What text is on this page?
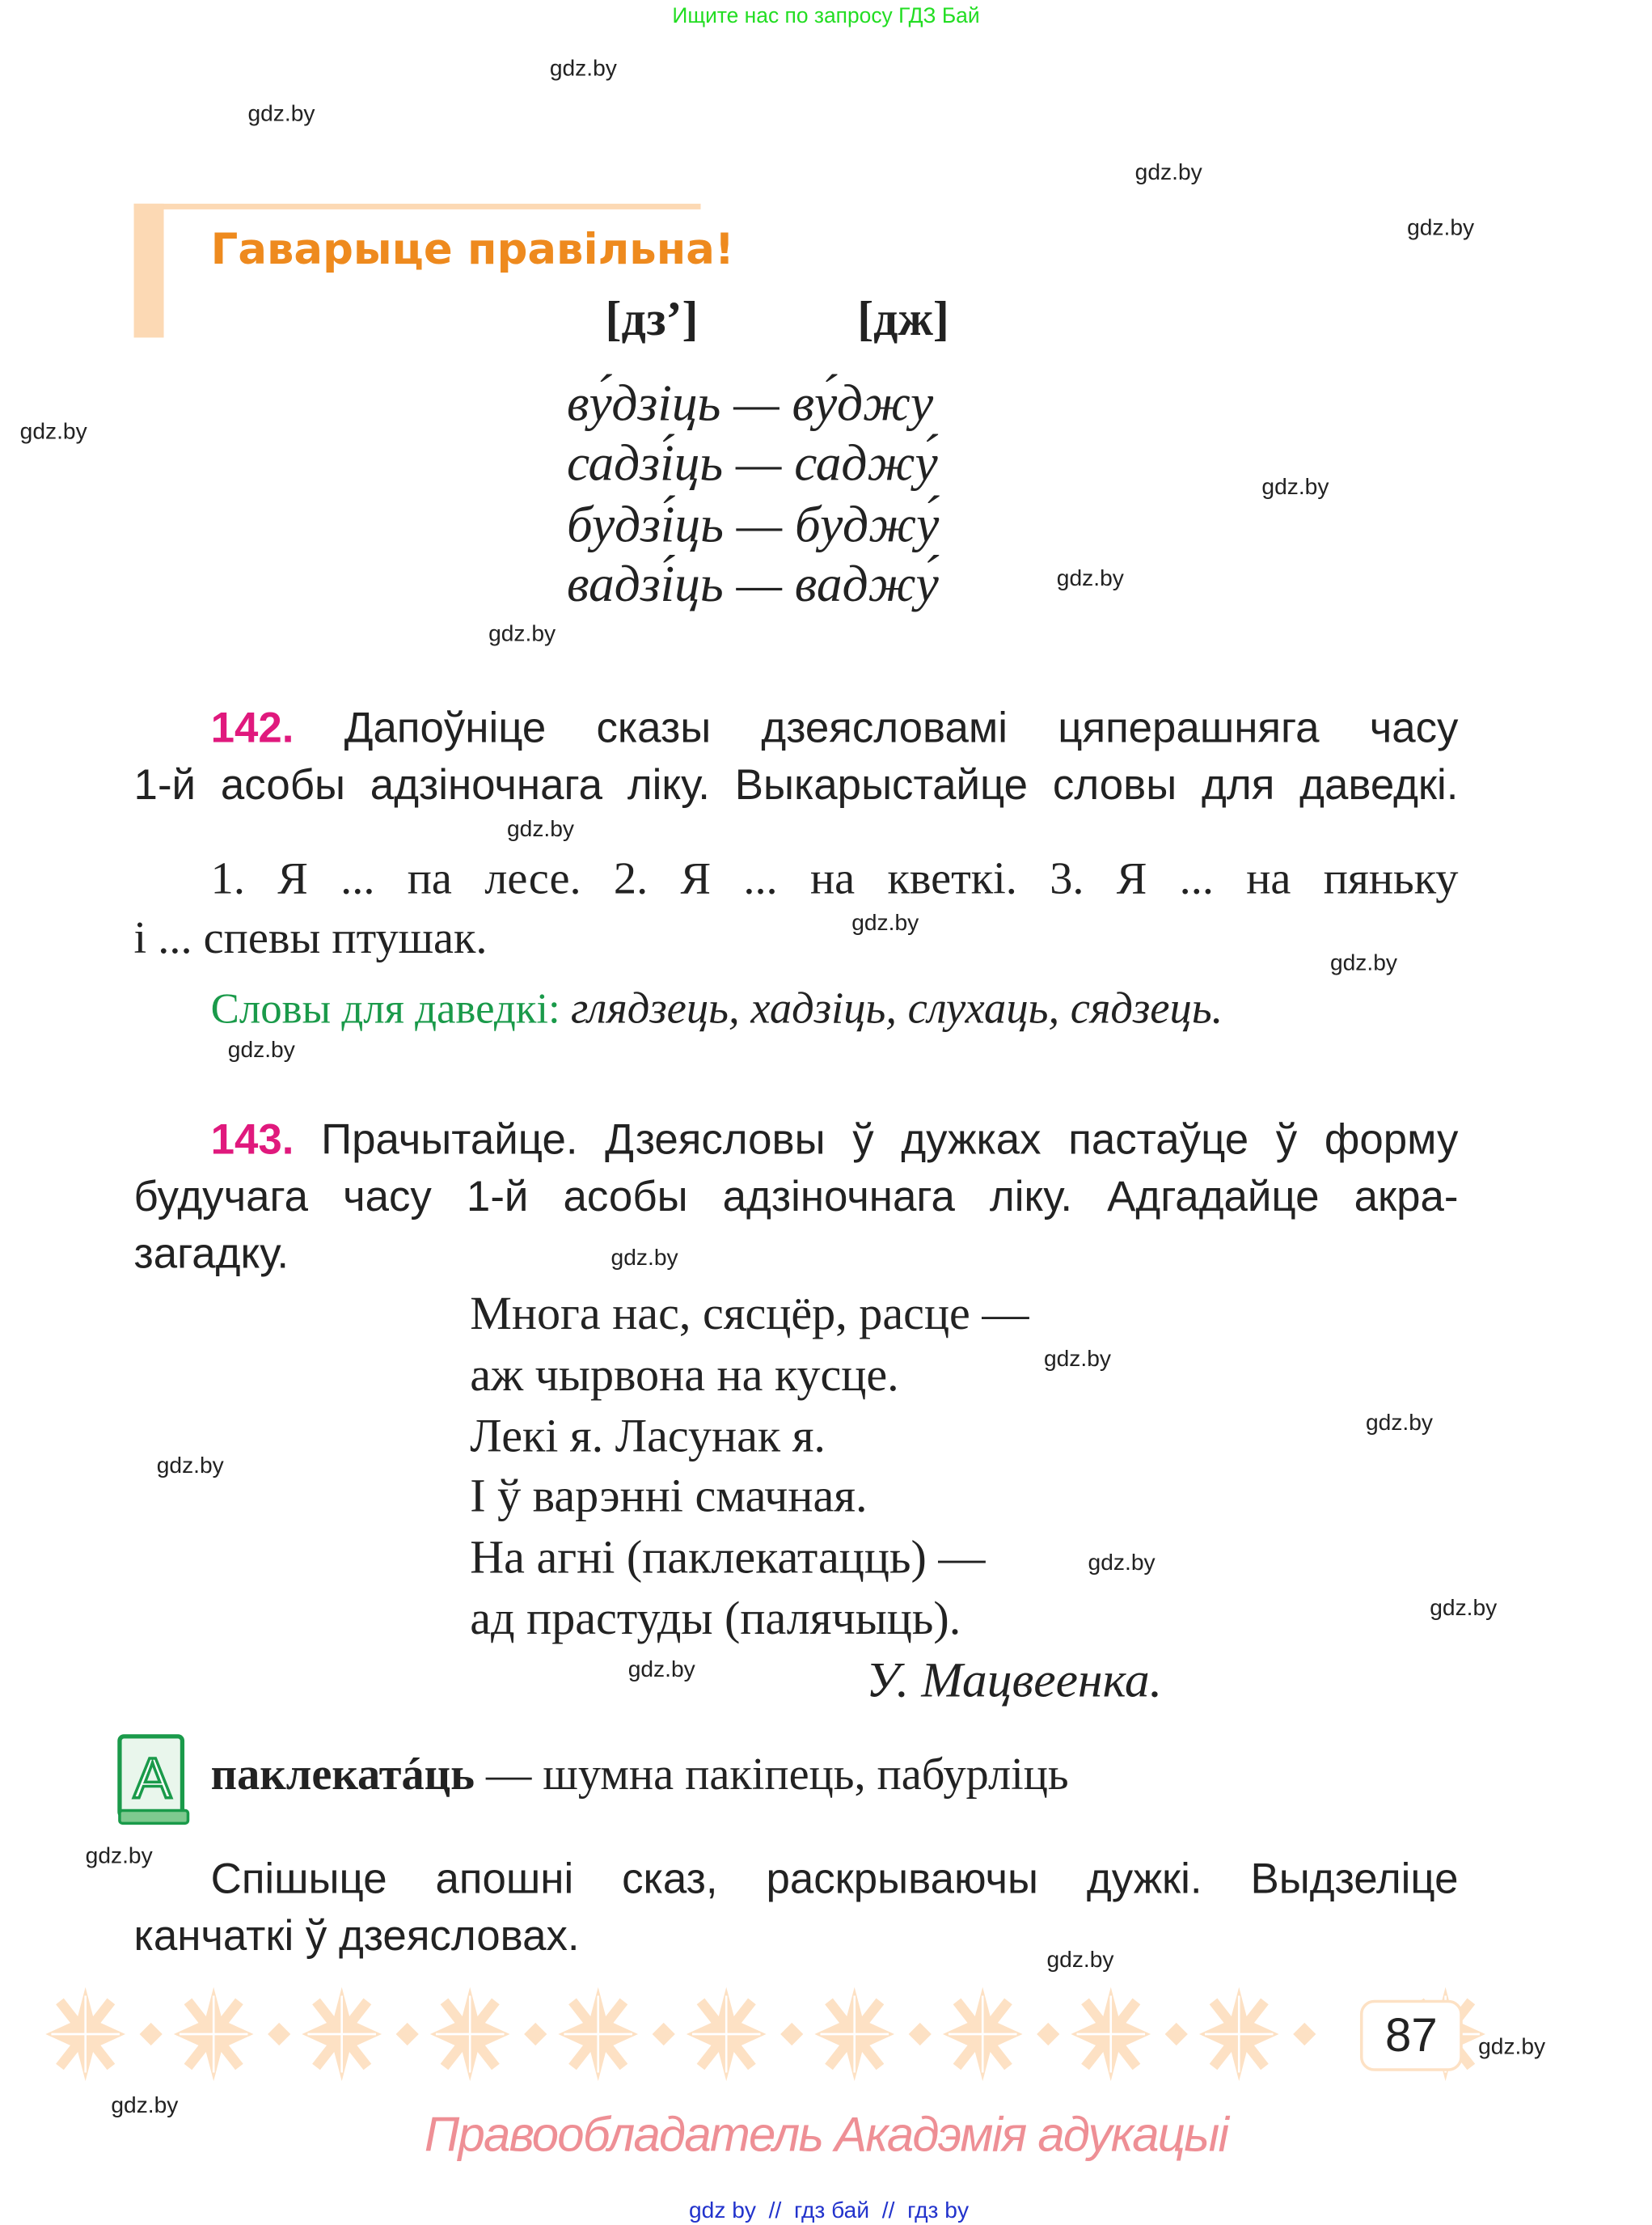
Ищите нас по запросу ГДЗ Бай
gdz.by
gdz.by
gdz.by
gdz.by
gdz.by
gdz.by
gdz.by
gdz.by
gdz.by
gdz.by
gdz.by
gdz.by
gdz.by
gdz.by
gdz.by
gdz.by
gdz.by
gdz.by
gdz.by
gdz.by
gdz.by
gdz.by
gdz.by
Гаварыце правільна!
[дз’]	[дж]
ву́дзіць — ву́джу
садзі́ць — саджу́
будзі́ць — буджу́
вадзі́ць — ваджу́
142. Дапоўніце сказы дзеясловамі цяперашняга часу
1-й асобы адзіночнага ліку. Выкарыстайце словы для даведкі.
1. Я ... па лесе. 2. Я ... на кветкі. 3. Я ... на пяньку
і ... спевы птушак.
Словы для даведкі: глядзець, хадзіць, слухаць, сядзець.
143. Прачытайце. Дзеясловы ў дужках пастаўце ў форму
будучага часу 1-й асобы адзіночнага ліку. Адгадайце акра-
загадку.
Многа нас, сясцёр, расце —
аж чырвона на кусце.
Лекі я. Ласунак я.
І ў варэнні смачная.
На агні (паклекатацць) —
ад прастуды (палячыць).
У. Мацвеенка.
А паклекатáць — шумна пакіпець, пабурліць
Спішыце апошні сказ, раскрываючы дужкі. Выдзеліце
канчаткі ў дзеясловах.
87
Правообладатель Акадэмія адукацыі
gdz by  //  гдз бай  //  гдз by
